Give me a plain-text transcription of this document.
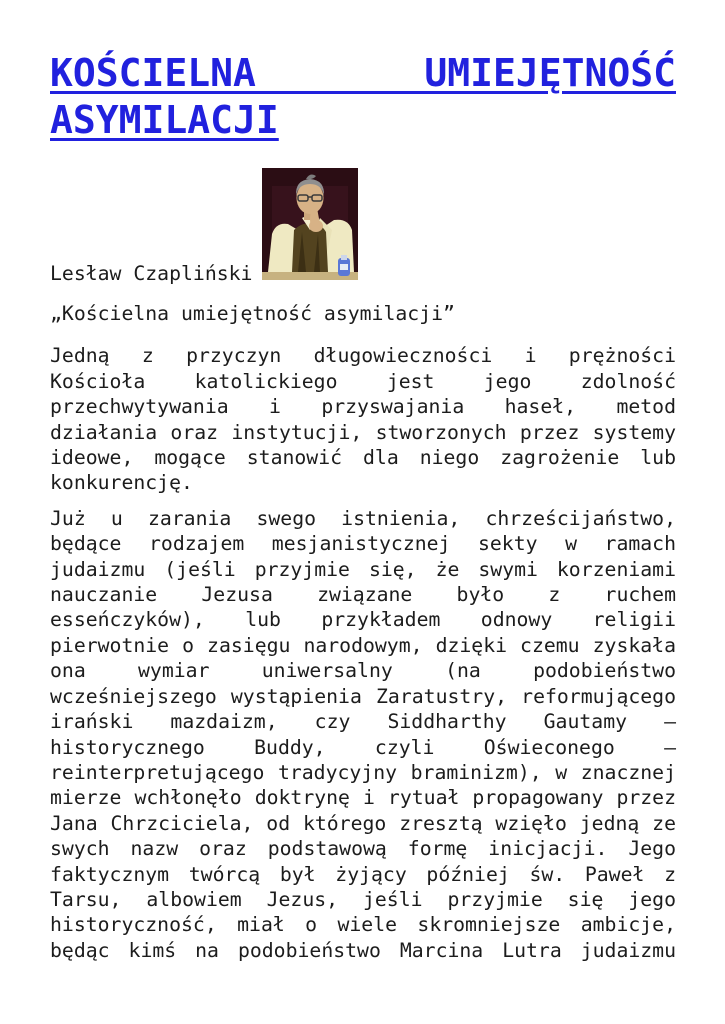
KOŚCIELNA UMIEJĘTNOŚĆ ASYMILACJI

Lesław Czapliński

„Kościelna umiejętność asymilacji”

Jedną z przyczyn długowieczności i prężności
Kościoła katolickiego jest jego zdolność
przechwytywania i przyswajania haseł, metod
działania oraz instytucji, stworzonych przez systemy
ideowe, mogące stanowić dla niego zagrożenie lub
konkurencję.
Już u zarania swego istnienia, chrześcijaństwo,
będące rodzajem mesjanistycznej sekty w ramach
judaizmu (jeśli przyjmie się, że swymi korzeniami
nauczanie Jezusa związane było z ruchem
esseńczyków), lub przykładem odnowy religii
pierwotnie o zasięgu narodowym, dzięki czemu zyskała
ona wymiar uniwersalny (na podobieństwo
wcześniejszego wystąpienia Zaratustry, reformującego
irański mazdaizm, czy Siddharthy Gautamy –
historycznego Buddy, czyli Oświeconego –
reinterpretującego tradycyjny braminizm), w znacznej
mierze wchłonęło doktrynę i rytuał propagowany przez
Jana Chrzciciela, od którego zresztą wzięło jedną ze
swych nazw oraz podstawową formę inicjacji. Jego
faktycznym twórcą był żyjący później św. Paweł z
Tarsu, albowiem Jezus, jeśli przyjmie się jego
historyczność, miał o wiele skromniejsze ambicje,
będąc kimś na podobieństwo Marcina Lutra judaizmu
